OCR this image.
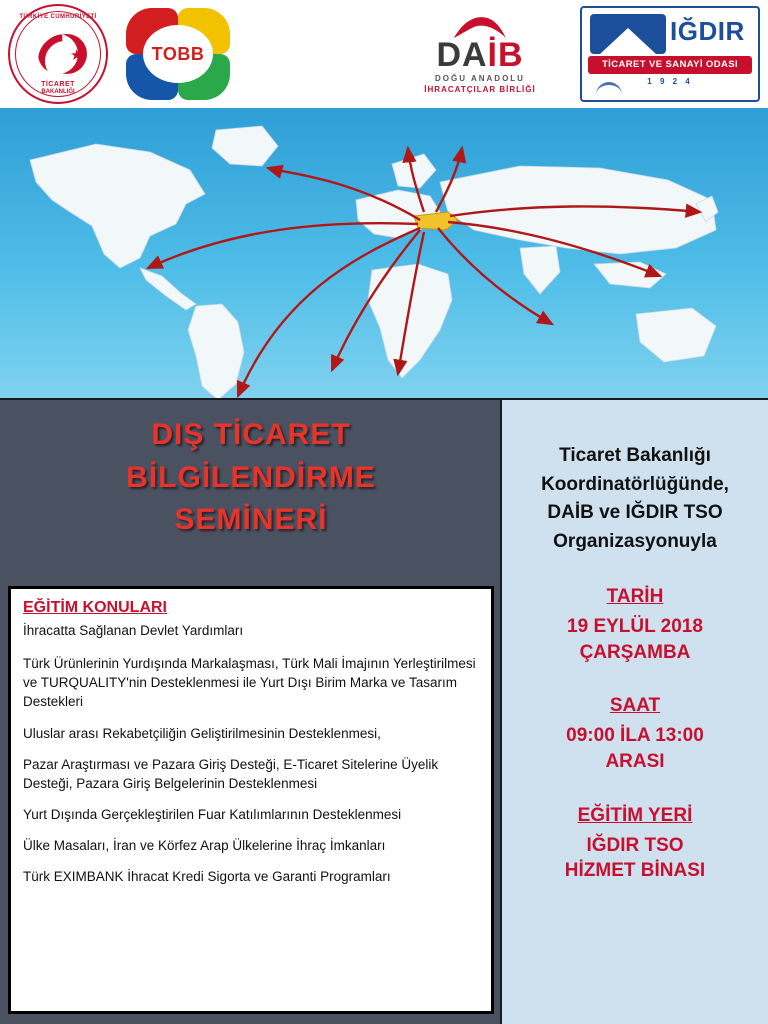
TÜRKİYE CUMHURİYETİ
★
TİCARET
BAKANLIĞI
TOBB	DAİB
DOĞU ANADOLU
İHRACATÇILAR BİRLİĞİ
IĞDIR
TİCARET VE SANAYİ ODASI
1 9 2 4
DIŞ TİCARET
BİLGİLENDİRME
SEMİNERİ
EĞİTİM KONULARI

İhracatta Sağlanan Devlet Yardımları

Türk Ürünlerinin Yurdışında Markalaşması, Türk Mali İmajının Yerleştirilmesi ve TURQUALITY'nin Desteklenmesi ile Yurt Dışı Birim Marka ve Tasarım Destekleri

Uluslar arası Rekabetçiliğin Geliştirilmesinin Desteklenmesi,

Pazar Araştırması ve Pazara Giriş Desteği, E-Ticaret Sitelerine Üyelik Desteği, Pazara Giriş Belgelerinin Desteklenmesi

Yurt Dışında Gerçekleştirilen Fuar Katılımlarının Desteklenmesi

Ülke Masaları, İran ve Körfez Arap Ülkelerine İhraç İmkanları

Türk EXIMBANK İhracat Kredi Sigorta ve Garanti Programları

Ticaret Bakanlığı
Koordinatörlüğünde,
DAİB ve IĞDIR TSO
Organizasyonuyla
TARİH
19 EYLÜL 2018
ÇARŞAMBA
SAAT
09:00 İLA 13:00
ARASI
EĞİTİM YERİ
IĞDIR TSO
HİZMET BİNASI
